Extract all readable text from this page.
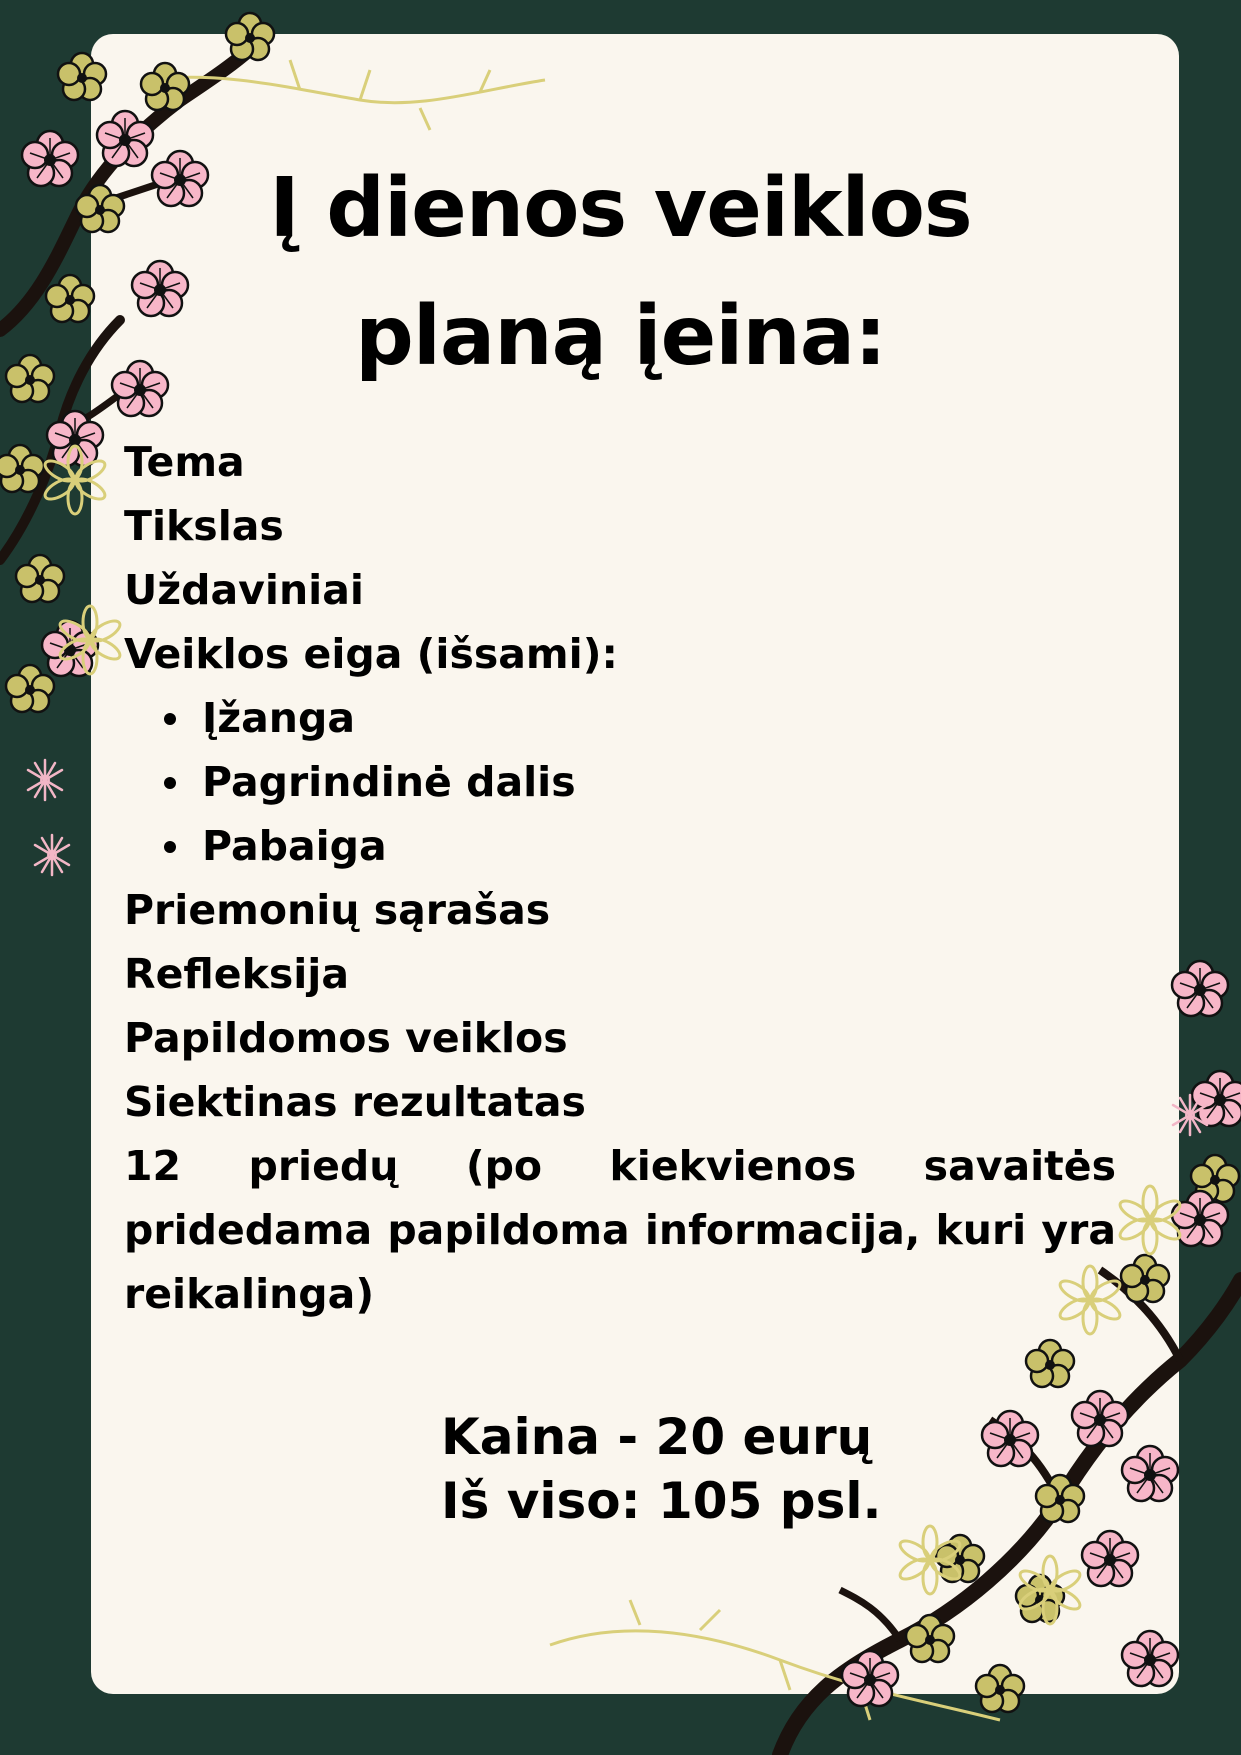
Į dienos veiklos
planą įeina:
Tema
Tikslas
Uždaviniai
Veiklos eiga (išsami):
Įžanga
Pagrindinė dalis
Pabaiga
Priemonių sąrašas
Refleksija
Papildomos veiklos
Siektinas rezultatas
12 priedų (po kiekvienos savaitės pridedama papildoma informacija, kuri yra reikalinga)
Kaina - 20 eurų
Iš viso: 105 psl.
